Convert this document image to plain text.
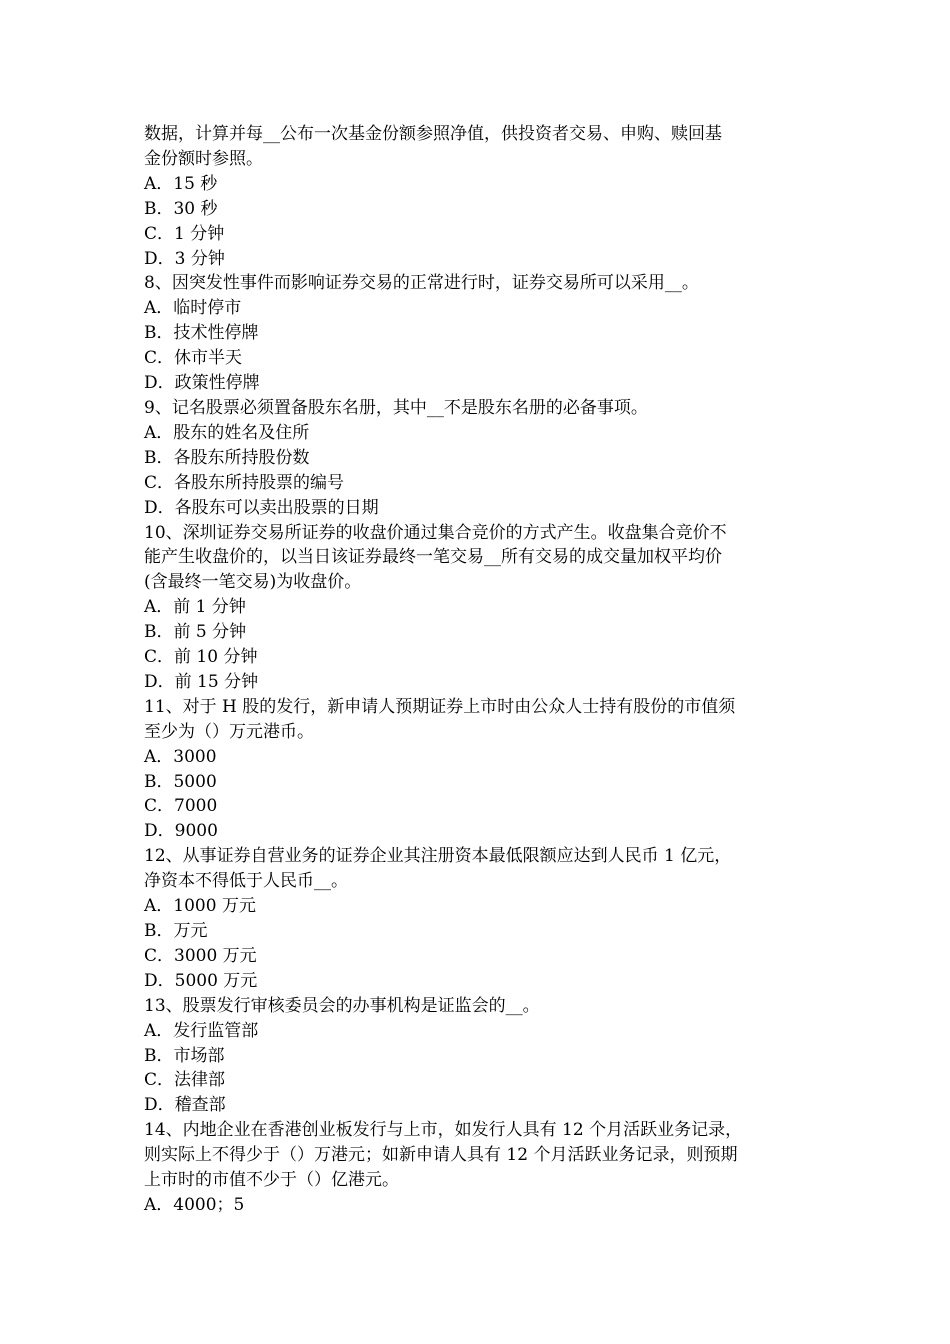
数据，计算并每__公布一次基金份额参照净值，供投资者交易、申购、赎回基
金份额时参照。
A．15 秒
B．30 秒
C．1 分钟
D．3 分钟
8、因突发性事件而影响证券交易的正常进行时，证券交易所可以采用__。
A．临时停市
B．技术性停牌
C．休市半天
D．政策性停牌
9、记名股票必须置备股东名册，其中__不是股东名册的必备事项。
A．股东的姓名及住所
B．各股东所持股份数
C．各股东所持股票的编号
D．各股东可以卖出股票的日期
10、深圳证券交易所证券的收盘价通过集合竞价的方式产生。收盘集合竞价不
能产生收盘价的，以当日该证券最终一笔交易__所有交易的成交量加权平均价
(含最终一笔交易)为收盘价。
A．前 1 分钟
B．前 5 分钟
C．前 10 分钟
D．前 15 分钟
11、对于 H 股的发行，新申请人预期证券上市时由公众人士持有股份的市值须
至少为（）万元港币。
A．3000
B．5000
C．7000
D．9000
12、从事证券自营业务的证券企业其注册资本最低限额应达到人民币 1 亿元，
净资本不得低于人民币__。
A．1000 万元
B．万元
C．3000 万元
D．5000 万元
13、股票发行审核委员会的办事机构是证监会的__。
A．发行监管部
B．市场部
C．法律部
D．稽查部
14、内地企业在香港创业板发行与上市，如发行人具有 12 个月活跃业务记录，
则实际上不得少于（）万港元；如新申请人具有 12 个月活跃业务记录，则预期
上市时的市值不少于（）亿港元。
A．4000；5
